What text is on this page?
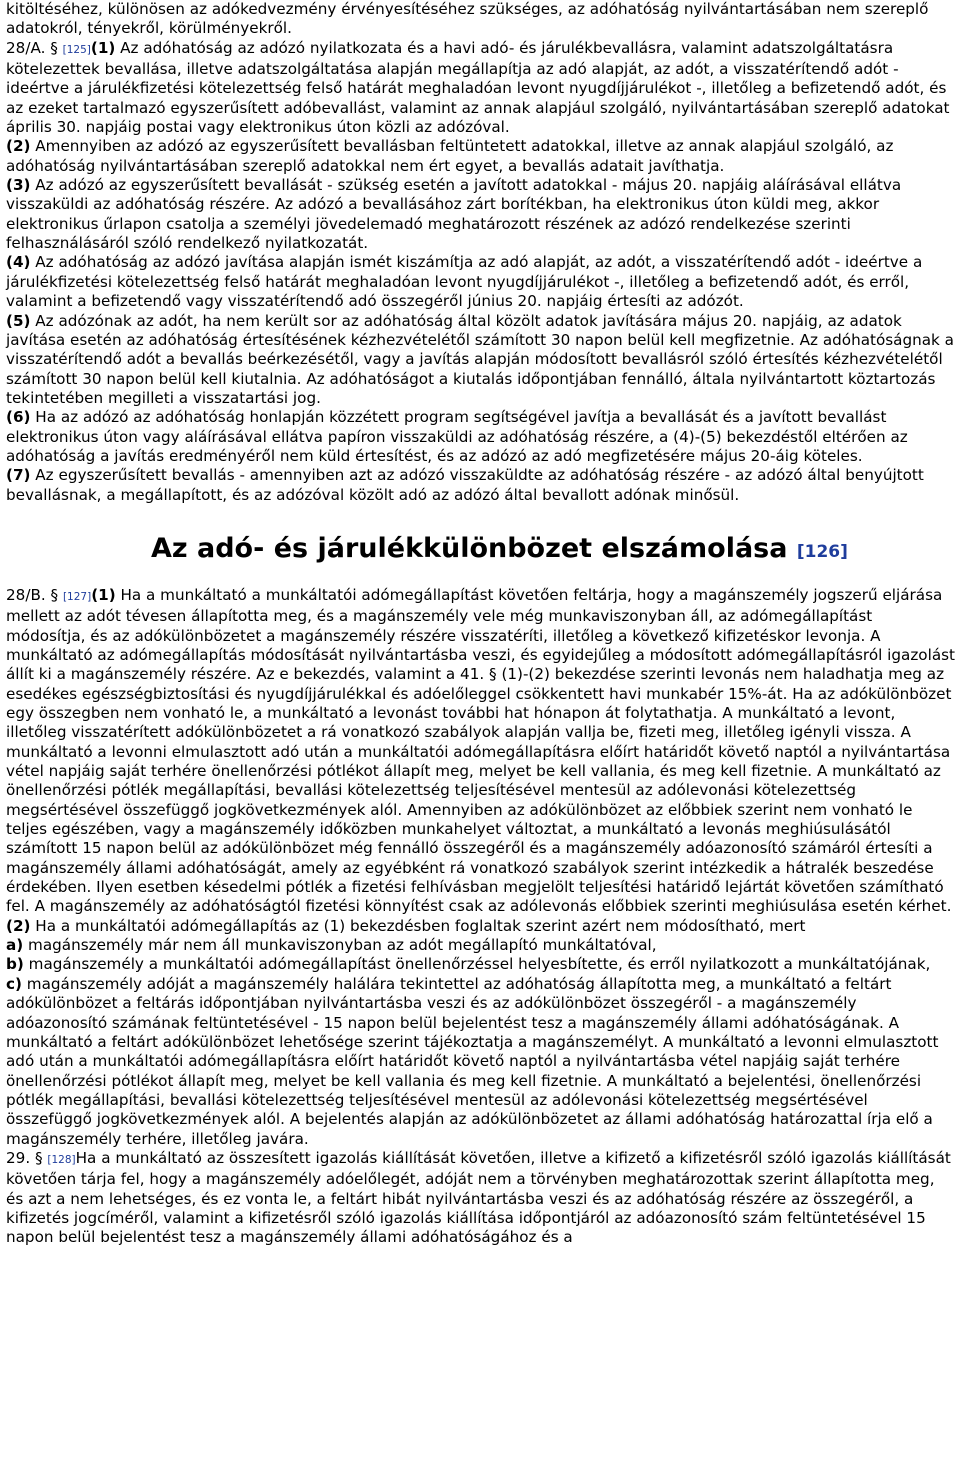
kitöltéséhez, különösen az adókedvezmény érvényesítéséhez szükséges, az adóhatóság nyilvántartásában nem szereplő adatokról, tényekről, körülményekről.

28/A. § [125](1) Az adóhatóság az adózó nyilatkozata és a havi adó- és járulékbevallásra, valamint adatszolgáltatásra kötelezettek bevallása, illetve adatszolgáltatása alapján megállapítja az adó alapját, az adót, a visszatérítendő adót - ideértve a járulékfizetési kötelezettség felső határát meghaladóan levont nyugdíjjárulékot -, illetőleg a befizetendő adót, és az ezeket tartalmazó egyszerűsített adóbevallást, valamint az annak alapjául szolgáló, nyilvántartásában szereplő adatokat április 30. napjáig postai vagy elektronikus úton közli az adózóval.

(2) Amennyiben az adózó az egyszerűsített bevallásban feltüntetett adatokkal, illetve az annak alapjául szolgáló, az adóhatóság nyilvántartásában szereplő adatokkal nem ért egyet, a bevallás adatait javíthatja.

(3) Az adózó az egyszerűsített bevallását - szükség esetén a javított adatokkal - május 20. napjáig aláírásával ellátva visszaküldi az adóhatóság részére. Az adózó a bevallásához zárt borítékban, ha elektronikus úton küldi meg, akkor elektronikus űrlapon csatolja a személyi jövedelemadó meghatározott részének az adózó rendelkezése szerinti felhasználásáról szóló rendelkező nyilatkozatát.

(4) Az adóhatóság az adózó javítása alapján ismét kiszámítja az adó alapját, az adót, a visszatérítendő adót - ideértve a járulékfizetési kötelezettség felső határát meghaladóan levont nyugdíjjárulékot -, illetőleg a befizetendő adót, és erről, valamint a befizetendő vagy visszatérítendő adó összegéről június 20. napjáig értesíti az adózót.

(5) Az adózónak az adót, ha nem került sor az adóhatóság által közölt adatok javítására május 20. napjáig, az adatok javítása esetén az adóhatóság értesítésének kézhezvételétől számított 30 napon belül kell megfizetnie. Az adóhatóságnak a visszatérítendő adót a bevallás beérkezésétől, vagy a javítás alapján módosított bevallásról szóló értesítés kézhezvételétől számított 30 napon belül kell kiutalnia. Az adóhatóságot a kiutalás időpontjában fennálló, általa nyilvántartott köztartozás tekintetében megilleti a visszatartási jog.

(6) Ha az adózó az adóhatóság honlapján közzétett program segítségével javítja a bevallását és a javított bevallást elektronikus úton vagy aláírásával ellátva papíron visszaküldi az adóhatóság részére, a (4)-(5) bekezdéstől eltérően az adóhatóság a javítás eredményéről nem küld értesítést, és az adózó az adó megfizetésére május 20-áig köteles.

(7) Az egyszerűsített bevallás - amennyiben azt az adózó visszaküldte az adóhatóság részére - az adózó által benyújtott bevallásnak, a megállapított, és az adózóval közölt adó az adózó által bevallott adónak minősül.

Az adó- és járulékkülönbözet elszámolása [126]

28/B. § [127](1) Ha a munkáltató a munkáltatói adómegállapítást követően feltárja, hogy a magánszemély jogszerű eljárása mellett az adót tévesen állapította meg, és a magánszemély vele még munkaviszonyban áll, az adómegállapítást módosítja, és az adókülönbözetet a magánszemély részére visszatéríti, illetőleg a következő kifizetéskor levonja. A munkáltató az adómegállapítás módosítását nyilvántartásba veszi, és egyidejűleg a módosított adómegállapításról igazolást állít ki a magánszemély részére. Az e bekezdés, valamint a 41. § (1)-(2) bekezdése szerinti levonás nem haladhatja meg az esedékes egészségbiztosítási és nyugdíjjárulékkal és adóelőleggel csökkentett havi munkabér 15%-át. Ha az adókülönbözet egy összegben nem vonható le, a munkáltató a levonást további hat hónapon át folytathatja. A munkáltató a levont, illetőleg visszatérített adókülönbözetet a rá vonatkozó szabályok alapján vallja be, fizeti meg, illetőleg igényli vissza. A munkáltató a levonni elmulasztott adó után a munkáltatói adómegállapításra előírt határidőt követő naptól a nyilvántartása vétel napjáig saját terhére önellenőrzési pótlékot állapít meg, melyet be kell vallania, és meg kell fizetnie. A munkáltató az önellenőrzési pótlék megállapítási, bevallási kötelezettség teljesítésével mentesül az adólevonási kötelezettség megsértésével összefüggő jogkövetkezmények alól. Amennyiben az adókülönbözet az előbbiek szerint nem vonható le teljes egészében, vagy a magánszemély időközben munkahelyet változtat, a munkáltató a levonás meghiúsulásától számított 15 napon belül az adókülönbözet még fennálló összegéről és a magánszemély adóazonosító számáról értesíti a magánszemély állami adóhatóságát, amely az egyébként rá vonatkozó szabályok szerint intézkedik a hátralék beszedése érdekében. Ilyen esetben késedelmi pótlék a fizetési felhívásban megjelölt teljesítési határidő lejártát követően számítható fel. A magánszemély az adóhatóságtól fizetési könnyítést csak az adólevonás előbbiek szerinti meghiúsulása esetén kérhet.

(2) Ha a munkáltatói adómegállapítás az (1) bekezdésben foglaltak szerint azért nem módosítható, mert

a) magánszemély már nem áll munkaviszonyban az adót megállapító munkáltatóval,

b) magánszemély a munkáltatói adómegállapítást önellenőrzéssel helyesbítette, és erről nyilatkozott a munkáltatójának,

c) magánszemély adóját a magánszemély halálára tekintettel az adóhatóság állapította meg, a munkáltató a feltárt adókülönbözet a feltárás időpontjában nyilvántartásba veszi és az adókülönbözet összegéről - a magánszemély adóazonosító számának feltüntetésével - 15 napon belül bejelentést tesz a magánszemély állami adóhatóságának. A munkáltató a feltárt adókülönbözet lehetősége szerint tájékoztatja a magánszemélyt. A munkáltató a levonni elmulasztott adó után a munkáltatói adómegállapításra előírt határidőt követő naptól a nyilvántartásba vétel napjáig saját terhére önellenőrzési pótlékot állapít meg, melyet be kell vallania és meg kell fizetnie. A munkáltató a bejelentési, önellenőrzési pótlék megállapítási, bevallási kötelezettség teljesítésével mentesül az adólevonási kötelezettség megsértésével összefüggő jogkövetkezmények alól. A bejelentés alapján az adókülönbözetet az állami adóhatóság határozattal írja elő a magánszemély terhére, illetőleg javára.

29. § [128]Ha a munkáltató az összesített igazolás kiállítását követően, illetve a kifizető a kifizetésről szóló igazolás kiállítását követően tárja fel, hogy a magánszemély adóelőlegét, adóját nem a törvényben meghatározottak szerint állapította meg, és azt a nem lehetséges, és ez vonta le, a feltárt hibát nyilvántartásba veszi és az adóhatóság részére az összegéről, a kifizetés jogcíméről, valamint a kifizetésről szóló igazolás kiállítása időpontjáról az adóazonosító szám feltüntetésével 15 napon belül bejelentést tesz a magánszemély állami adóhatóságához és a
